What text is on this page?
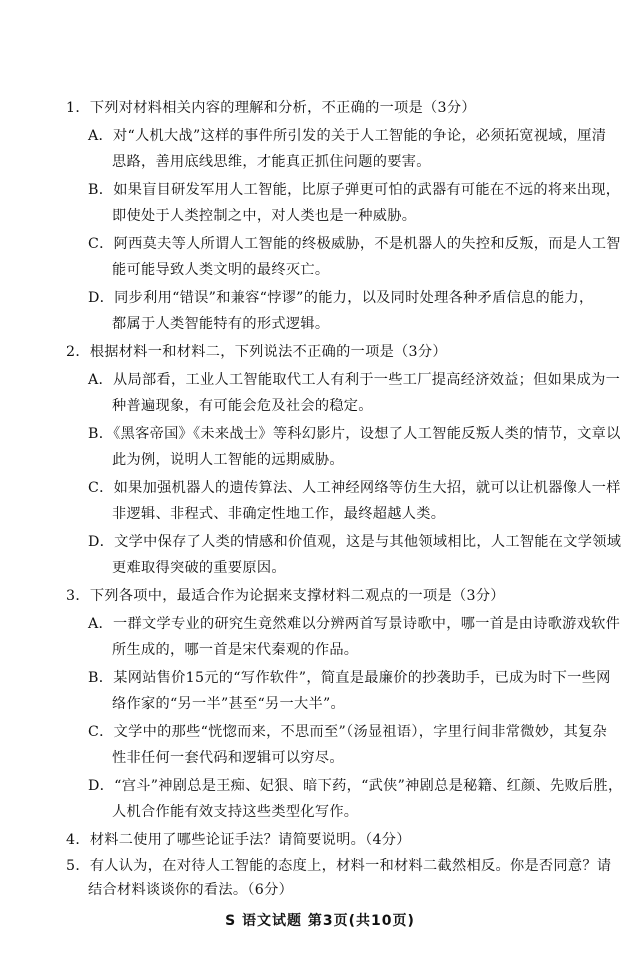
1．下列对材料相关内容的理解和分析，不正确的一项是（3分）
A．对“人机大战”这样的事件所引发的关于人工智能的争论，必须拓宽视域，厘清
思路，善用底线思维，才能真正抓住问题的要害。
B．如果盲目研发军用人工智能，比原子弹更可怕的武器有可能在不远的将来出现，
即使处于人类控制之中，对人类也是一种威胁。
C．阿西莫夫等人所谓人工智能的终极威胁，不是机器人的失控和反叛，而是人工智
能可能导致人类文明的最终灭亡。
D．同步利用“错误”和兼容“悖谬”的能力，以及同时处理各种矛盾信息的能力，
都属于人类智能特有的形式逻辑。
2．根据材料一和材料二，下列说法不正确的一项是（3分）
A．从局部看，工业人工智能取代工人有利于一些工厂提高经济效益；但如果成为一
种普遍现象，有可能会危及社会的稳定。
B．《黑客帝国》《未来战士》等科幻影片，设想了人工智能反叛人类的情节，文章以
此为例，说明人工智能的远期威胁。
C．如果加强机器人的遗传算法、人工神经网络等仿生大招，就可以让机器像人一样
非逻辑、非程式、非确定性地工作，最终超越人类。
D．文学中保存了人类的情感和价值观，这是与其他领域相比，人工智能在文学领域
更难取得突破的重要原因。
3．下列各项中，最适合作为论据来支撑材料二观点的一项是（3分）
A．一群文学专业的研究生竟然难以分辨两首写景诗歌中，哪一首是由诗歌游戏软件
所生成的，哪一首是宋代秦观的作品。
B．某网站售价15元的“写作软件”，简直是最廉价的抄袭助手，已成为时下一些网
络作家的“另一半”甚至“另一大半”。
C．文学中的那些“恍惚而来，不思而至”（汤显祖语），字里行间非常微妙，其复杂
性非任何一套代码和逻辑可以穷尽。
D．“宫斗”神剧总是王痴、妃狠、暗下药，“武侠”神剧总是秘籍、红颜、先败后胜，
人机合作能有效支持这些类型化写作。
4．材料二使用了哪些论证手法？请简要说明。（4分）
5．有人认为，在对待人工智能的态度上，材料一和材料二截然相反。你是否同意？请
结合材料谈谈你的看法。（6分）
S 语文试题 第3页(共10页)
